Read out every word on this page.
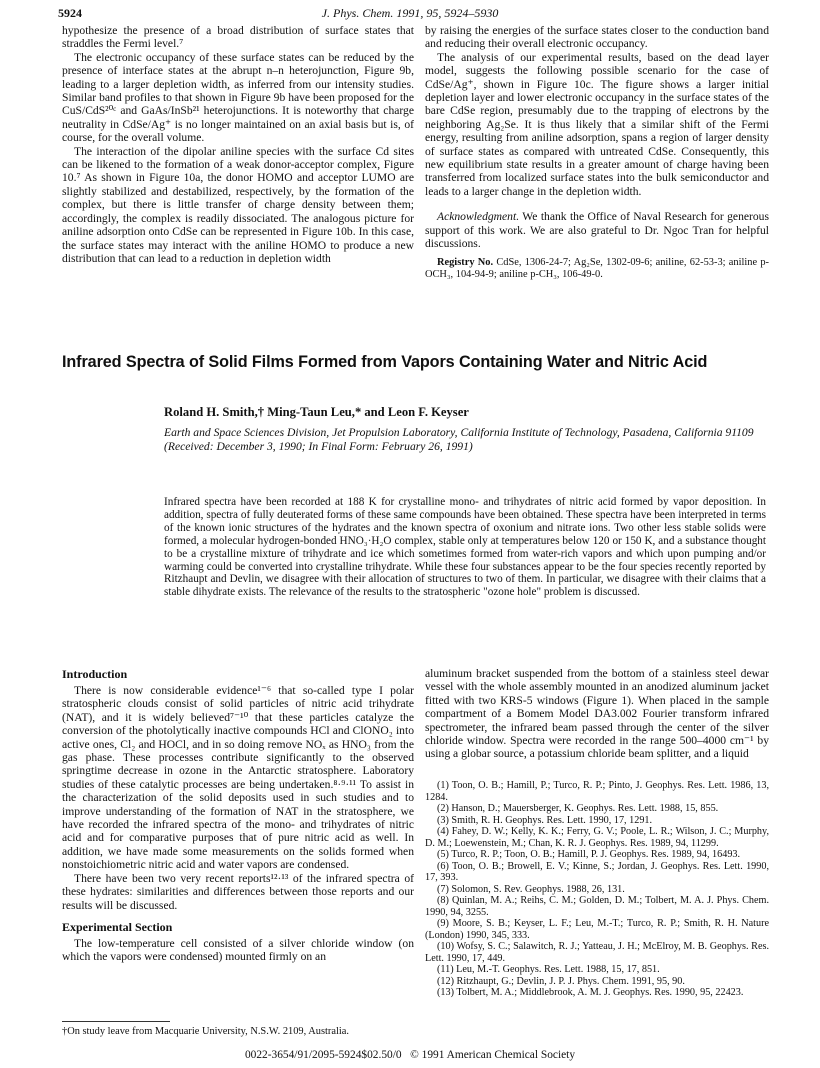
5924	J. Phys. Chem. 1991, 95, 5924–5930

hypothesize the presence of a broad distribution of surface states that straddles the Fermi level.⁷

The electronic occupancy of these surface states can be reduced by the presence of interface states at the abrupt n–n heterojunction, Figure 9b, leading to a larger depletion width, as inferred from our intensity studies. Similar band profiles to that shown in Figure 9b have been proposed for the CuS/CdS²⁰ᶜ and GaAs/InSb²¹ heterojunctions. It is noteworthy that charge neutrality in CdSe/Ag⁺ is no longer maintained on an axial basis but is, of course, for the overall volume.

The interaction of the dipolar aniline species with the surface Cd sites can be likened to the formation of a weak donor-acceptor complex, Figure 10.⁷ As shown in Figure 10a, the donor HOMO and acceptor LUMO are slightly stabilized and destabilized, respectively, by the formation of the complex, but there is little transfer of charge density between them; accordingly, the complex is readily dissociated. The analogous picture for aniline adsorption onto CdSe can be represented in Figure 10b. In this case, the surface states may interact with the aniline HOMO to produce a new distribution that can lead to a reduction in depletion width

by raising the energies of the surface states closer to the conduction band and reducing their overall electronic occupancy.

The analysis of our experimental results, based on the dead layer model, suggests the following possible scenario for the case of CdSe/Ag⁺, shown in Figure 10c. The figure shows a larger initial depletion layer and lower electronic occupancy in the surface states of the bare CdSe region, presumably due to the trapping of electrons by the neighboring Ag₂Se. It is thus likely that a similar shift of the Fermi energy, resulting from aniline adsorption, spans a region of larger density of surface states as compared with untreated CdSe. Consequently, this new equilibrium state results in a greater amount of charge having been transferred from localized surface states into the bulk semiconductor and leads to a larger change in the depletion width.

Acknowledgment. We thank the Office of Naval Research for generous support of this work. We are also grateful to Dr. Ngoc Tran for helpful discussions.

Registry No. CdSe, 1306-24-7; Ag₂Se, 1302-09-6; aniline, 62-53-3; aniline p-OCH₃, 104-94-9; aniline p-CH₃, 106-49-0.

Infrared Spectra of Solid Films Formed from Vapors Containing Water and Nitric Acid
Roland H. Smith,† Ming-Taun Leu,* and Leon F. Keyser
Earth and Space Sciences Division, Jet Propulsion Laboratory, California Institute of Technology, Pasadena, California 91109 (Received: December 3, 1990; In Final Form: February 26, 1991)
Infrared spectra have been recorded at 188 K for crystalline mono- and trihydrates of nitric acid formed by vapor deposition. In addition, spectra of fully deuterated forms of these same compounds have been obtained. These spectra have been interpreted in terms of the known ionic structures of the hydrates and the known spectra of oxonium and nitrate ions. Two other less stable solids were formed, a molecular hydrogen-bonded HNO₃·H₂O complex, stable only at temperatures below 120 or 150 K, and a substance thought to be a crystalline mixture of trihydrate and ice which sometimes formed from water-rich vapors and which upon pumping and/or warming could be converted into crystalline trihydrate. While these four substances appear to be the four species recently reported by Ritzhaupt and Devlin, we disagree with their allocation of structures to two of them. In particular, we disagree with their claims that a stable dihydrate exists. The relevance of the results to the stratospheric "ozone hole" problem is discussed.

Introduction

There is now considerable evidence¹⁻⁶ that so-called type I polar stratospheric clouds consist of solid particles of nitric acid trihydrate (NAT), and it is widely believed⁷⁻¹⁰ that these particles catalyze the conversion of the photolytically inactive compounds HCl and ClONO₂ into active ones, Cl₂ and HOCl, and in so doing remove NOₓ as HNO₃ from the gas phase. These processes contribute significantly to the observed springtime decrease in ozone in the Antarctic stratosphere. Laboratory studies of these catalytic processes are being undertaken.⁸·⁹·¹¹ To assist in the characterization of the solid deposits used in such studies and to improve understanding of the formation of NAT in the stratosphere, we have recorded the infrared spectra of the mono- and trihydrates of nitric acid and for comparative purposes that of pure nitric acid as well. In addition, we have made some measurements on the solids formed when nonstoichiometric nitric acid and water vapors are condensed.

There have been two very recent reports¹²·¹³ of the infrared spectra of these hydrates: similarities and differences between those reports and our results will be discussed.

Experimental Section

The low-temperature cell consisted of a silver chloride window (on which the vapors were condensed) mounted firmly on an

aluminum bracket suspended from the bottom of a stainless steel dewar vessel with the whole assembly mounted in an anodized aluminum jacket fitted with two KRS-5 windows (Figure 1). When placed in the sample compartment of a Bomem Model DA3.002 Fourier transform infrared spectrometer, the infrared beam passed through the center of the silver chloride window. Spectra were recorded in the range 500–4000 cm⁻¹ by using a globar source, a potassium chloride beam splitter, and a liquid

(1) Toon, O. B.; Hamill, P.; Turco, R. P.; Pinto, J. Geophys. Res. Lett. 1986, 13, 1284.

(2) Hanson, D.; Mauersberger, K. Geophys. Res. Lett. 1988, 15, 855.

(3) Smith, R. H. Geophys. Res. Lett. 1990, 17, 1291.

(4) Fahey, D. W.; Kelly, K. K.; Ferry, G. V.; Poole, L. R.; Wilson, J. C.; Murphy, D. M.; Loewenstein, M.; Chan, K. R. J. Geophys. Res. 1989, 94, 11299.

(5) Turco, R. P.; Toon, O. B.; Hamill, P. J. Geophys. Res. 1989, 94, 16493.

(6) Toon, O. B.; Browell, E. V.; Kinne, S.; Jordan, J. Geophys. Res. Lett. 1990, 17, 393.

(7) Solomon, S. Rev. Geophys. 1988, 26, 131.

(8) Quinlan, M. A.; Reihs, C. M.; Golden, D. M.; Tolbert, M. A. J. Phys. Chem. 1990, 94, 3255.

(9) Moore, S. B.; Keyser, L. F.; Leu, M.-T.; Turco, R. P.; Smith, R. H. Nature (London) 1990, 345, 333.

(10) Wofsy, S. C.; Salawitch, R. J.; Yatteau, J. H.; McElroy, M. B. Geophys. Res. Lett. 1990, 17, 449.

(11) Leu, M.-T. Geophys. Res. Lett. 1988, 15, 17, 851.

(12) Ritzhaupt, G.; Devlin, J. P. J. Phys. Chem. 1991, 95, 90.

(13) Tolbert, M. A.; Middlebrook, A. M. J. Geophys. Res. 1990, 95, 22423.

†On study leave from Macquarie University, N.S.W. 2109, Australia.
0022-3654/91/2095-5924$02.50/0 © 1991 American Chemical Society
